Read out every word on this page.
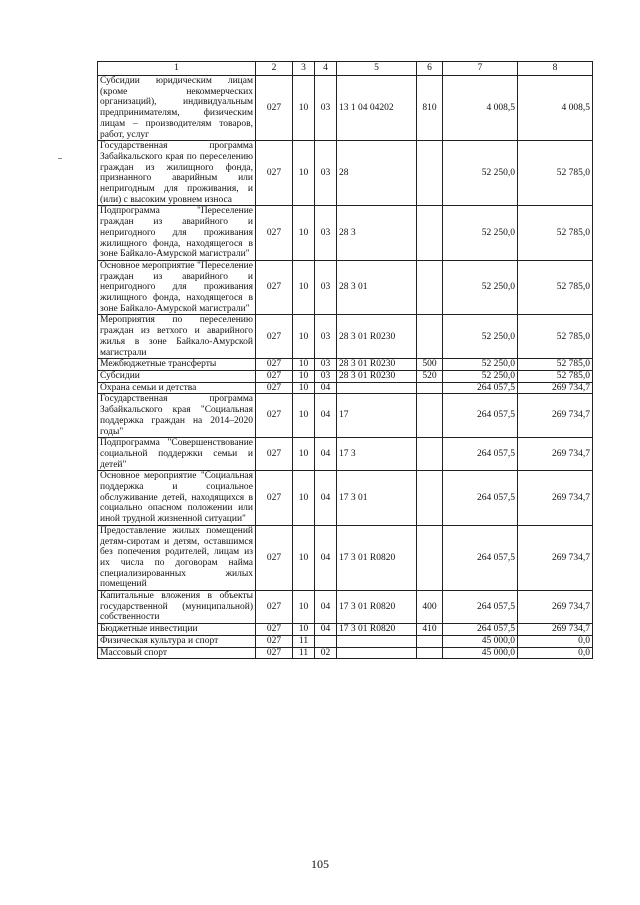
1	2	3	4	5	6	7	8
Субсидии юридическим лицам (кроме некоммерческих организаций), индивидуальным предпринимателям, физическим лицам – производителям товаров, работ, услуг	027	10	03	13 1 04 04202	810	4 008,5	4 008,5
Государственная программа Забайкальского края по переселению граждан из жилищного фонда, признанного аварийным или непригодным для проживания, и (или) с высоким уровнем износа	027	10	03	28		52 250,0	52 785,0
Подпрограмма "Переселение граждан из аварийного и непригодного для проживания жилищного фонда, находящегося в зоне Байкало-Амурской магистрали"	027	10	03	28 3		52 250,0	52 785,0
Основное мероприятие "Переселение граждан из аварийного и непригодного для проживания жилищного фонда, находящегося в зоне Байкало-Амурской магистрали"	027	10	03	28 3 01		52 250,0	52 785,0
Мероприятия по переселению граждан из ветхого и аварийного жилья в зоне Байкало-Амурской магистрали	027	10	03	28 3 01 R0230		52 250,0	52 785,0
Межбюджетные трансферты	027	10	03	28 3 01 R0230	500	52 250,0	52 785,0
Субсидии	027	10	03	28 3 01 R0230	520	52 250,0	52 785,0
Охрана семьи и детства	027	10	04			264 057,5	269 734,7
Государственная программа Забайкальского края "Социальная поддержка граждан на 2014–2020 годы"	027	10	04	17		264 057,5	269 734,7
Подпрограмма "Совершенствование социальной поддержки семьи и детей"	027	10	04	17 3		264 057,5	269 734,7
Основное мероприятие "Социальная поддержка и социальное обслуживание детей, находящихся в социально опасном положении или иной трудной жизненной ситуации"	027	10	04	17 3 01		264 057,5	269 734,7
Предоставление жилых помещений детям-сиротам и детям, оставшимся без попечения родителей, лицам из их числа по договорам найма специализированных жилых помещений	027	10	04	17 3 01 R0820		264 057,5	269 734,7
Капитальные вложения в объекты государственной (муниципальной) собственности	027	10	04	17 3 01 R0820	400	264 057,5	269 734,7
Бюджетные инвестиции	027	10	04	17 3 01 R0820	410	264 057,5	269 734,7
Физическая культура и спорт	027	11				45 000,0	0,0
Массовый спорт	027	11	02			45 000,0	0,0
105
